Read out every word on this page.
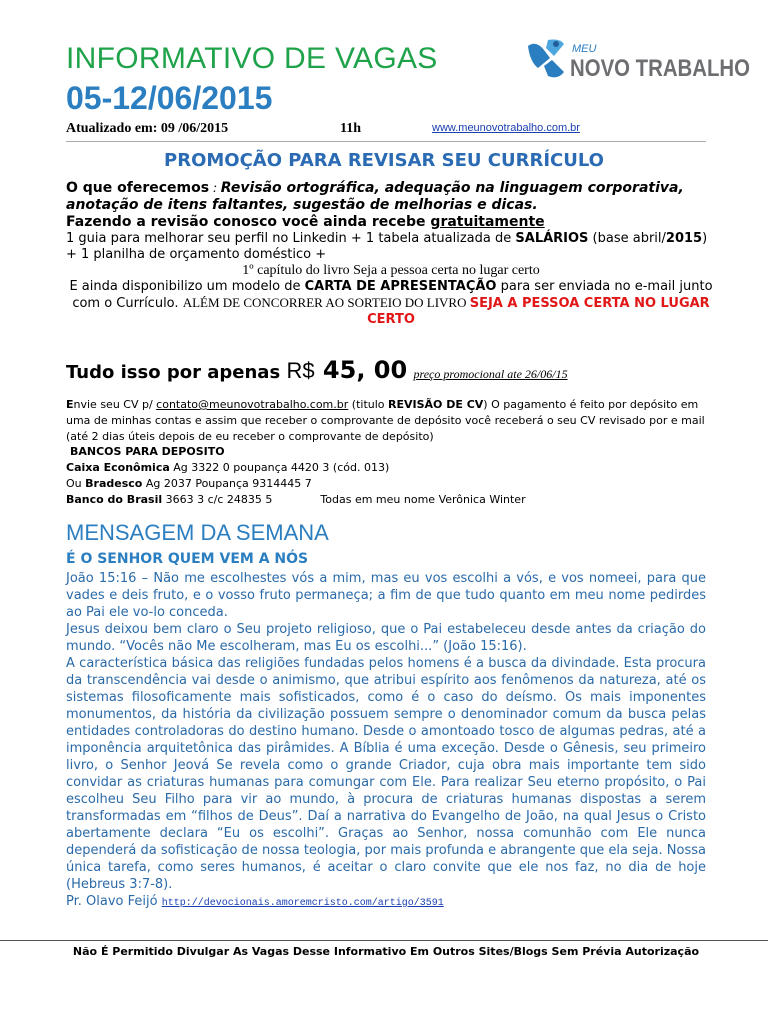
INFORMATIVO DE VAGAS
05-12/06/2015
MEU
NOVO TRABALHO
Atualizado em: 09 /06/2015	11h	www.meunovotrabalho.com.br
PROMOÇÃO PARA REVISAR SEU CURRÍCULO
O que oferecemos : Revisão ortográfica, adequação na linguagem corporativa, anotação de itens faltantes, sugestão de melhorias e dicas.
Fazendo a revisão conosco você ainda recebe gratuitamente
1 guia para melhorar seu perfil no Linkedin + 1 tabela atualizada de SALÁRIOS (base abril/2015) + 1 planilha de orçamento doméstico +
1º capítulo do livro Seja a pessoa certa no lugar certo
E ainda disponibilizo um modelo de CARTA DE APRESENTAÇÃO para ser enviada no e-mail junto com o Currículo. ALÉM DE CONCORRER AO SORTEIO DO LIVRO SEJA A PESSOA CERTA NO LUGAR CERTO
Tudo isso por apenas R$ 45, 00 preço promocional ate 26/06/15
Envie seu CV p/ contato@meunovotrabalho.com.br (titulo REVISÃO DE CV) O pagamento é feito por depósito em uma de minhas contas e assim que receber o comprovante de depósito você receberá o seu CV revisado por e mail (até 2 dias úteis depois de eu receber o comprovante de depósito)
BANCOS PARA DEPOSITO
Caixa Econômica Ag 3322 0 poupança 4420 3 (cód. 013)
Ou Bradesco Ag 2037 Poupança 9314445 7
Banco do Brasil 3663 3 c/c 24835 5	Todas em meu nome Verônica Winter
MENSAGEM DA SEMANA
É O SENHOR QUEM VEM A NÓS
João 15:16 – Não me escolhestes vós a mim, mas eu vos escolhi a vós, e vos nomeei, para que vades e deis fruto, e o vosso fruto permaneça; a fim de que tudo quanto em meu nome pedirdes ao Pai ele vo-lo conceda.
Jesus deixou bem claro o Seu projeto religioso, que o Pai estabeleceu desde antes da criação do mundo. “Vocês não Me escolheram, mas Eu os escolhi...” (João 15:16).
A característica básica das religiões fundadas pelos homens é a busca da divindade. Esta procura da transcendência vai desde o animismo, que atribui espírito aos fenômenos da natureza, até os sistemas filosoficamente mais sofisticados, como é o caso do deísmo. Os mais imponentes monumentos, da história da civilização possuem sempre o denominador comum da busca pelas entidades controladoras do destino humano. Desde o amontoado tosco de algumas pedras, até a imponência arquitetônica das pirâmides. A Bíblia é uma exceção. Desde o Gênesis, seu primeiro livro, o Senhor Jeová Se revela como o grande Criador, cuja obra mais importante tem sido convidar as criaturas humanas para comungar com Ele. Para realizar Seu eterno propósito, o Pai escolheu Seu Filho para vir ao mundo, à procura de criaturas humanas dispostas a serem transformadas em “filhos de Deus”. Daí a narrativa do Evangelho de João, na qual Jesus o Cristo abertamente declara “Eu os escolhi”. Graças ao Senhor, nossa comunhão com Ele nunca dependerá da sofisticação de nossa teologia, por mais profunda e abrangente que ela seja. Nossa única tarefa, como seres humanos, é aceitar o claro convite que ele nos faz, no dia de hoje (Hebreus 3:7-8).
Pr. Olavo Feijó http://devocionais.amoremcristo.com/artigo/3591
Não É Permitido Divulgar As Vagas Desse Informativo Em Outros Sites/Blogs Sem Prévia Autorização
